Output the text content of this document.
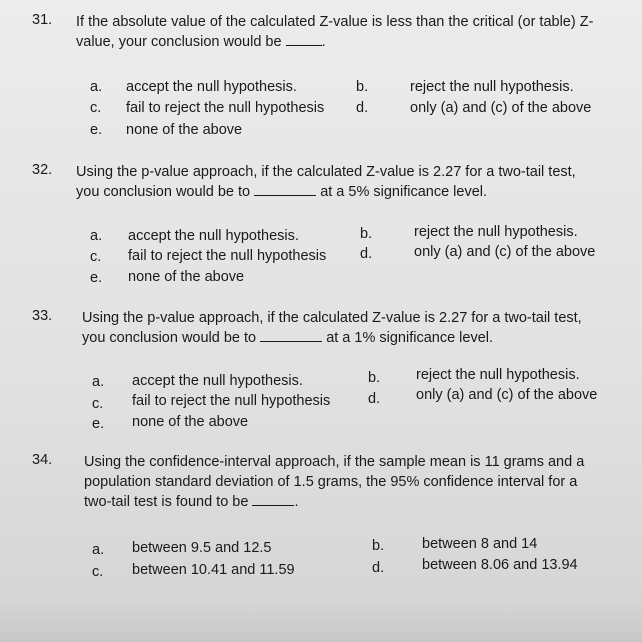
31. If the absolute value of the calculated Z-value is less than the critical (or table) Z-
value, your conclusion would be	.
a. accept the null hypothesis.	b.	reject the null hypothesis.
c. fail to reject the null hypothesis d.	only (a) and (c) of the above
e. none of the above
32. Using the p-value approach, if the calculated Z-value is 2.27 for a two-tail test,
you conclusion would be to	at a 5% significance level.
a. accept the null hypothesis.	b.	reject the null hypothesis.
c. fail to reject the null hypothesis d.	only (a) and (c) of the above
e. none of the above
33. Using the p-value approach, if the calculated Z-value is 2.27 for a two-tail test,
you conclusion would be to	at a 1% significance level.
a. accept the null hypothesis.	b. reject the null hypothesis.
c. fail to reject the null hypothesis	d. only (a) and (c) of the above
e. none of the above
34. Using the confidence-interval approach, if the sample mean is 11 grams and a
population standard deviation of 1.5 grams, the 95% confidence interval for a
two-tail test is found to be	.
a. between 9.5 and 12.5	b.	between 8 and 14
c. between 10.41 and 11.59	d.	between 8.06 and 13.94
